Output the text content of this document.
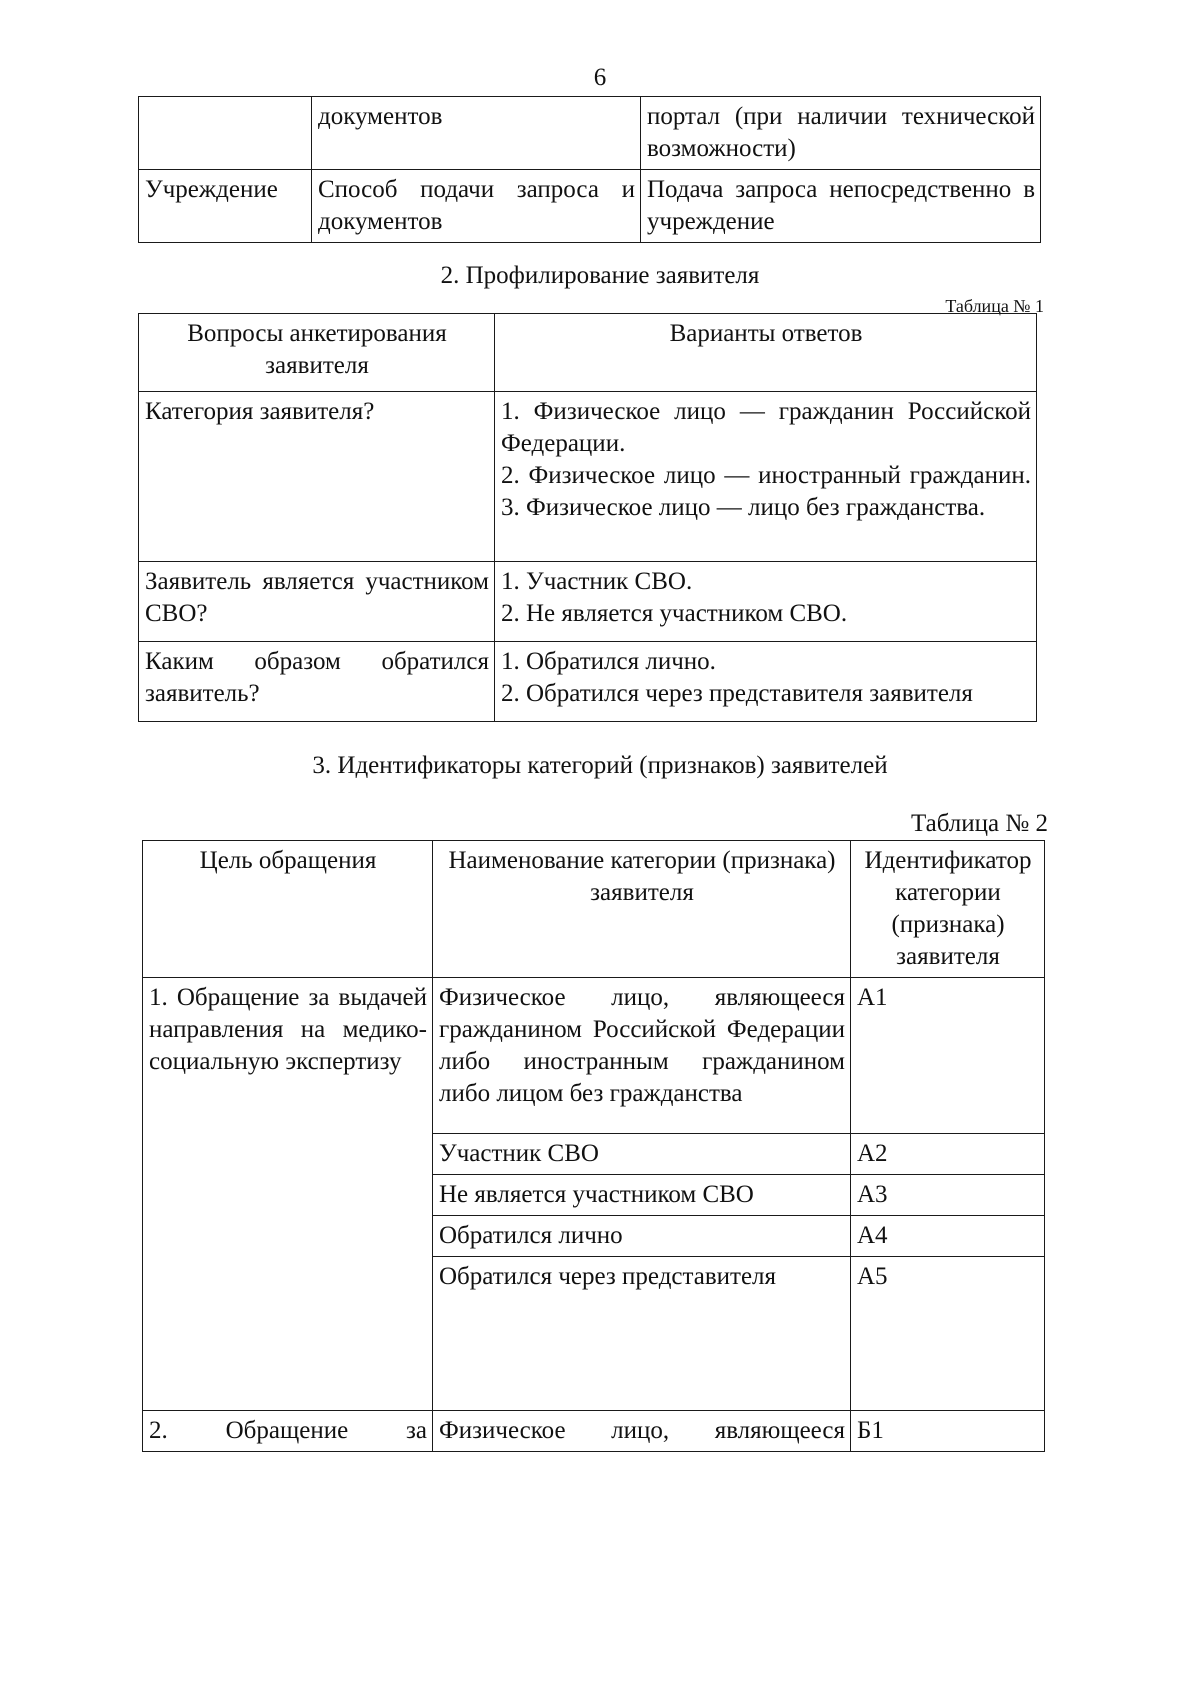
6
	документов	портал (при наличии технической возможности)
Учреждение	Способ подачи запроса и документов	Подача запроса непосредственно в учреждение
2. Профилирование заявителя
Таблица № 1
Вопросы анкетирования заявителя	Варианты ответов
Категория заявителя?	1. Физическое лицо — гражданин Российской Федерации.
2. Физическое лицо — иностранный гражданин.
3. Физическое лицо — лицо без гражданства.

Заявитель является участником СВО?	1. Участник СВО.
2. Не является участником СВО.

Каким образом обратился заявитель?	1. Обратился лично.
2. Обратился через представителя заявителя
3. Идентификаторы категорий (признаков) заявителей
Таблица № 2
Цель обращения	Наименование категории (признака) заявителя	Идентификатор категории (признака) заявителя
1. Обращение за выдачей направления на медико-социальную экспертизу	Физическое лицо, являющееся гражданином Российской Федерации либо иностранным гражданином либо лицом без гражданства	А1
	Участник СВО	А2
	Не является участником СВО	А3
	Обратился лично	А4
	Обратился через представителя	А5
2. Обращение за	Физическое лицо, являющееся	Б1
